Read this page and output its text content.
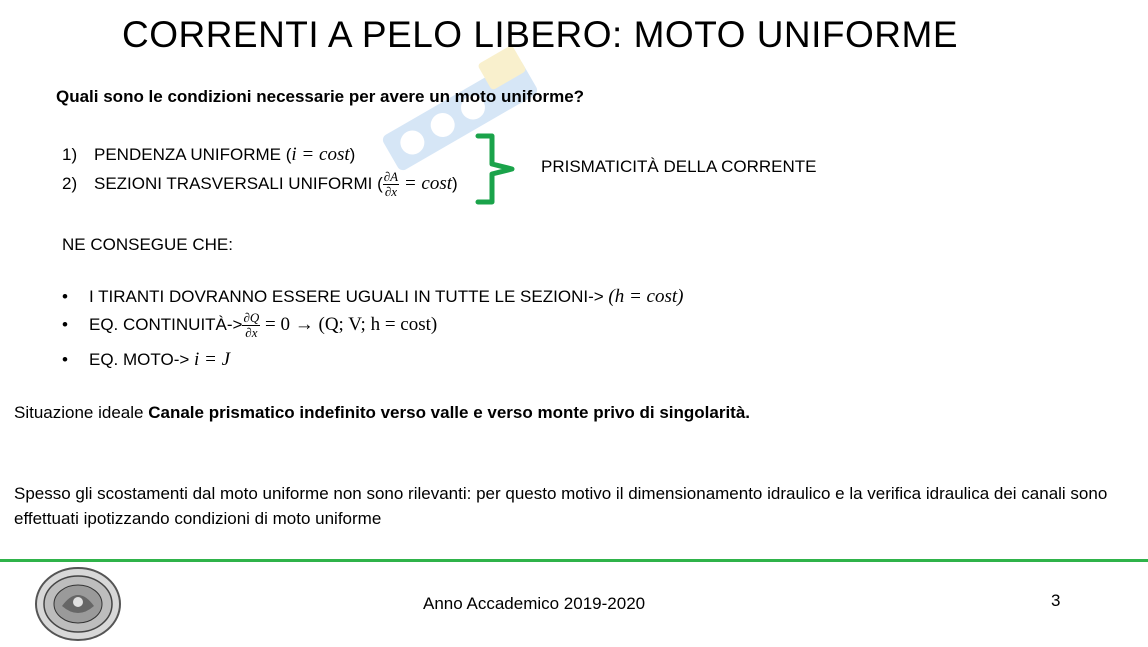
CORRENTI A PELO LIBERO: MOTO UNIFORME
Quali sono le condizioni necessarie per avere un moto uniforme?
1) PENDENZA UNIFORME (i = cost)
2) SEZIONI TRASVERSALI UNIFORMI ( $\frac{\partial A}{\partial x} = \cos t$)
PRISMATICITÀ DELLA CORRENTE
NE CONSEGUE CHE:
• I TIRANTI DOVRANNO ESSERE UGUALI IN TUTTE LE SEZIONI-> (h = cost)
• EQ. CONTINUITÀ-> $\frac{\partial Q}{\partial x} = 0 \to (Q$; V; h = cost)
• EQ. MOTO-> i = J
Situazione ideale Canale prismatico indefinito verso valle e verso monte privo di singolarità.
Spesso gli scostamenti dal moto uniforme non sono rilevanti: per questo motivo il dimensionamento idraulico e la verifica idraulica dei canali sono effettuati ipotizzando condizioni di moto uniforme
Anno Accademico 2019-2020	3
